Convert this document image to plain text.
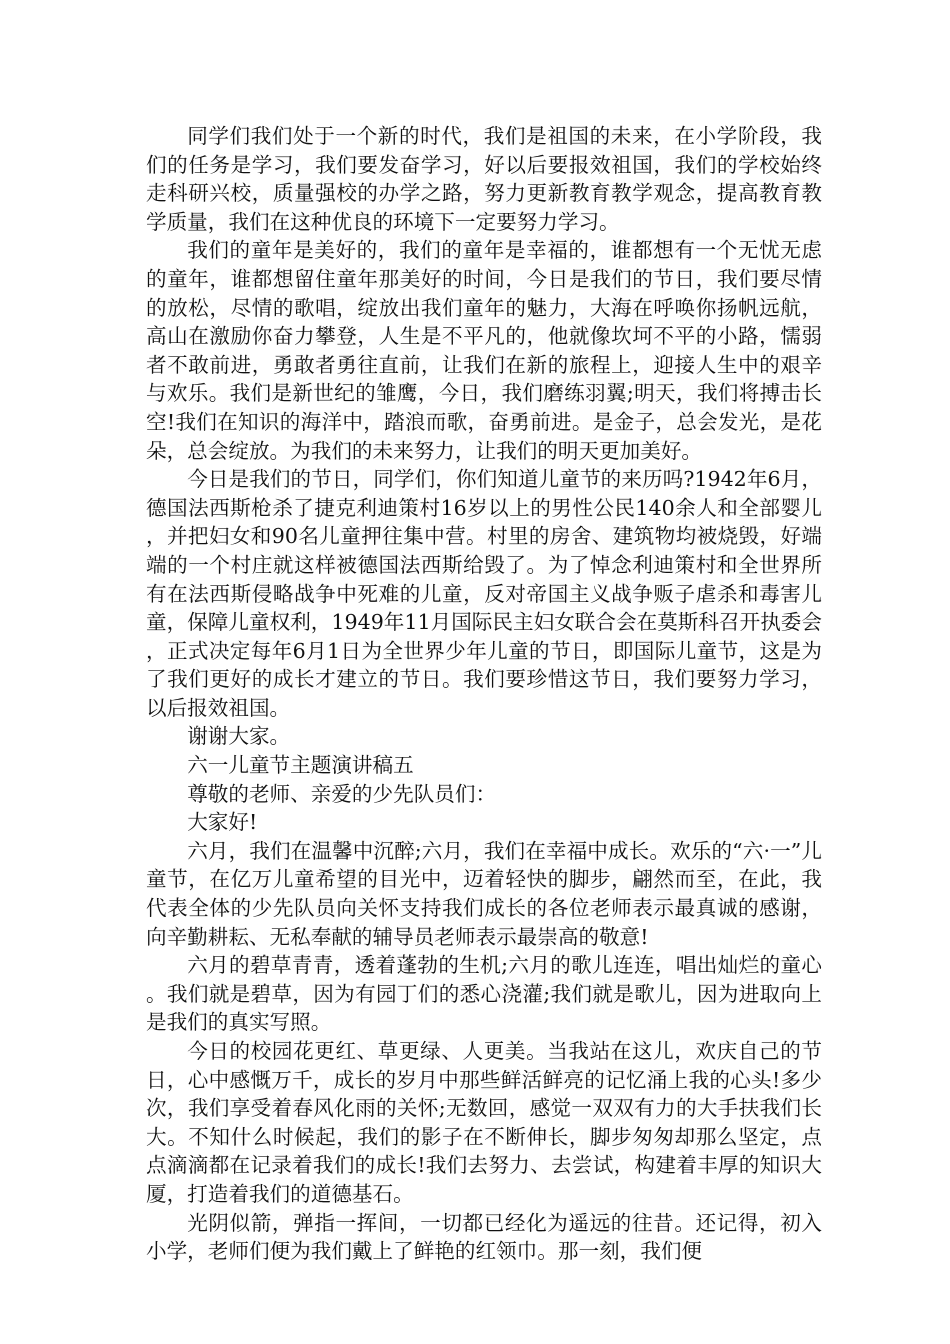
同学们我们处于一个新的时代，我们是祖国的未来，在小学阶段，我们的任务是学习，我们要发奋学习，好以后要报效祖国，我们的学校始终走科研兴校，质量强校的办学之路，努力更新教育教学观念，提高教育教学质量，我们在这种优良的环境下一定要努力学习。

我们的童年是美好的，我们的童年是幸福的，谁都想有一个无忧无虑的童年，谁都想留住童年那美好的时间，今日是我们的节日，我们要尽情的放松，尽情的歌唱，绽放出我们童年的魅力，大海在呼唤你扬帆远航，高山在激励你奋力攀登，人生是不平凡的，他就像坎坷不平的小路，懦弱者不敢前进，勇敢者勇往直前，让我们在新的旅程上，迎接人生中的艰辛与欢乐。我们是新世纪的雏鹰，今日，我们磨练羽翼;明天，我们将搏击长空!我们在知识的海洋中，踏浪而歌，奋勇前进。是金子，总会发光，是花朵，总会绽放。为我们的未来努力，让我们的明天更加美好。

今日是我们的节日，同学们，你们知道儿童节的来历吗?1942年6月，德国法西斯枪杀了捷克利迪策村16岁以上的男性公民140余人和全部婴儿，并把妇女和90名儿童押往集中营。村里的房舍、建筑物均被烧毁，好端端的一个村庄就这样被德国法西斯给毁了。为了悼念利迪策村和全世界所有在法西斯侵略战争中死难的儿童，反对帝国主义战争贩子虐杀和毒害儿童，保障儿童权利，1949年11月国际民主妇女联合会在莫斯科召开执委会，正式决定每年6月1日为全世界少年儿童的节日，即国际儿童节，这是为了我们更好的成长才建立的节日。我们要珍惜这节日，我们要努力学习，以后报效祖国。

谢谢大家。

六一儿童节主题演讲稿五

尊敬的老师、亲爱的少先队员们：

大家好!

六月，我们在温馨中沉醉;六月，我们在幸福中成长。欢乐的“六·一”儿童节，在亿万儿童希望的目光中，迈着轻快的脚步，翩然而至，在此，我代表全体的少先队员向关怀支持我们成长的各位老师表示最真诚的感谢，向辛勤耕耘、无私奉献的辅导员老师表示最崇高的敬意!

六月的碧草青青，透着蓬勃的生机;六月的歌儿连连，唱出灿烂的童心。我们就是碧草，因为有园丁们的悉心浇灌;我们就是歌儿，因为进取向上是我们的真实写照。

今日的校园花更红、草更绿、人更美。当我站在这儿，欢庆自己的节日，心中感慨万千，成长的岁月中那些鲜活鲜亮的记忆涌上我的心头!多少次，我们享受着春风化雨的关怀;无数回，感觉一双双有力的大手扶我们长大。不知什么时候起，我们的影子在不断伸长，脚步匆匆却那么坚定，点点滴滴都在记录着我们的成长!我们去努力、去尝试，构建着丰厚的知识大厦，打造着我们的道德基石。

光阴似箭，弹指一挥间，一切都已经化为遥远的往昔。还记得，初入小学，老师们便为我们戴上了鲜艳的红领巾。那一刻，我们便
